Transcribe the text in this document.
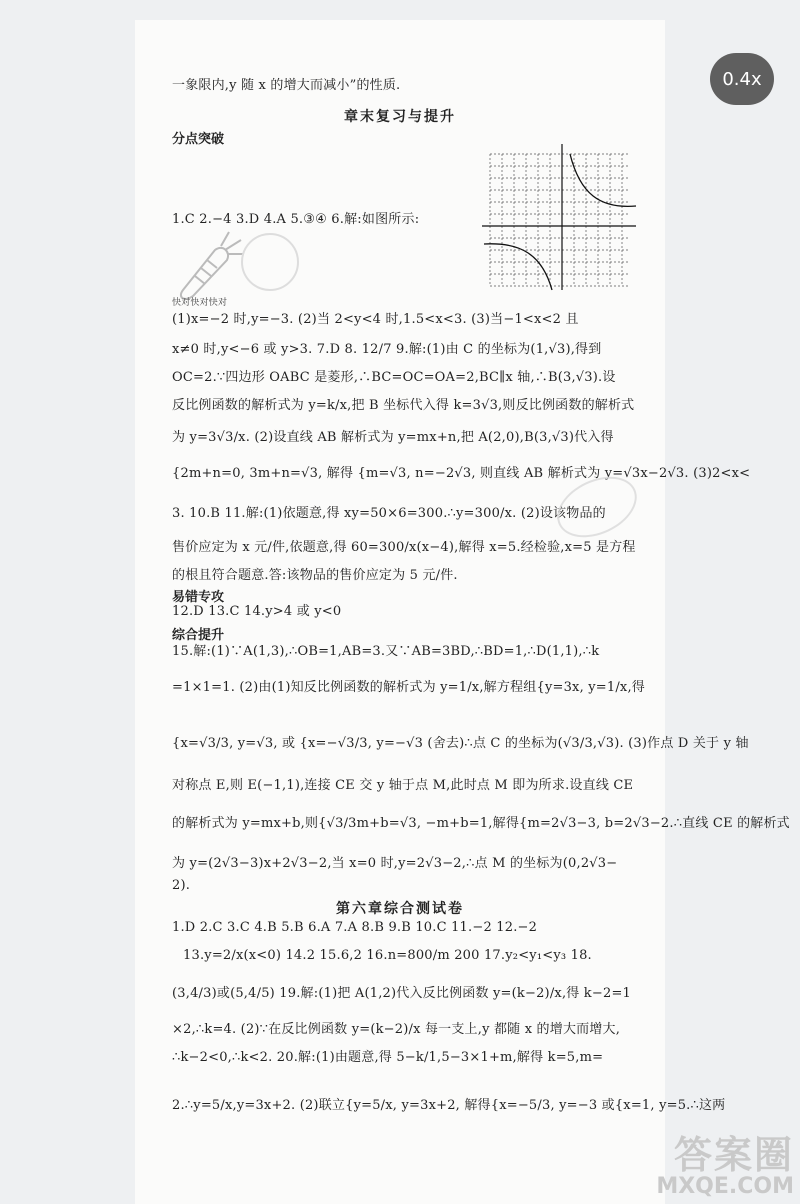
一象限内,y 随 x 的增大而减小”的性质.
章末复习与提升
分点突破
1.C 2.−4 3.D 4.A 5.③④ 6.解:如图所示:
快对快对快对
(1)x=−2 时,y=−3. (2)当 2<y<4 时,1.5<x<3. (3)当−1<x<2 且
x≠0 时,y<−6 或 y>3. 7.D 8. 12/7 9.解:(1)由 C 的坐标为(1,√3),得到
OC=2.∵四边形 OABC 是菱形,∴BC=OC=OA=2,BC∥x 轴,∴B(3,√3).设
反比例函数的解析式为 y=k/x,把 B 坐标代入得 k=3√3,则反比例函数的解析式
为 y=3√3/x. (2)设直线 AB 解析式为 y=mx+n,把 A(2,0),B(3,√3)代入得
{2m+n=0, 3m+n=√3, 解得 {m=√3, n=−2√3, 则直线 AB 解析式为 y=√3x−2√3. (3)2<x<
3. 10.B 11.解:(1)依题意,得 xy=50×6=300.∴y=300/x. (2)设该物品的
售价应定为 x 元/件,依题意,得 60=300/x(x−4),解得 x=5.经检验,x=5 是方程
的根且符合题意.答:该物品的售价应定为 5 元/件.
易错专攻
12.D 13.C 14.y>4 或 y<0
综合提升
15.解:(1)∵A(1,3),∴OB=1,AB=3.又∵AB=3BD,∴BD=1,∴D(1,1),∴k
=1×1=1. (2)由(1)知反比例函数的解析式为 y=1/x,解方程组{y=3x, y=1/x,得
{x=√3/3, y=√3, 或 {x=−√3/3, y=−√3 (舍去)∴点 C 的坐标为(√3/3,√3). (3)作点 D 关于 y 轴
对称点 E,则 E(−1,1),连接 CE 交 y 轴于点 M,此时点 M 即为所求.设直线 CE
的解析式为 y=mx+b,则{√3/3m+b=√3, −m+b=1,解得{m=2√3−3, b=2√3−2.∴直线 CE 的解析式
为 y=(2√3−3)x+2√3−2,当 x=0 时,y=2√3−2,∴点 M 的坐标为(0,2√3−
2).
第六章综合测试卷
1.D 2.C 3.C 4.B 5.B 6.A 7.A 8.B 9.B 10.C 11.−2 12.−2
13.y=2/x(x<0) 14.2 15.6,2 16.n=800/m 200 17.y₂<y₁<y₃ 18.
(3,4/3)或(5,4/5) 19.解:(1)把 A(1,2)代入反比例函数 y=(k−2)/x,得 k−2=1
×2,∴k=4. (2)∵在反比例函数 y=(k−2)/x 每一支上,y 都随 x 的增大而增大,
∴k−2<0,∴k<2. 20.解:(1)由题意,得 5−k/1,5−3×1+m,解得 k=5,m=
2.∴y=5/x,y=3x+2. (2)联立{y=5/x, y=3x+2, 解得{x=−5/3, y=−3 或{x=1, y=5.∴这两
0.4x
答案圈
MXQE.COM
